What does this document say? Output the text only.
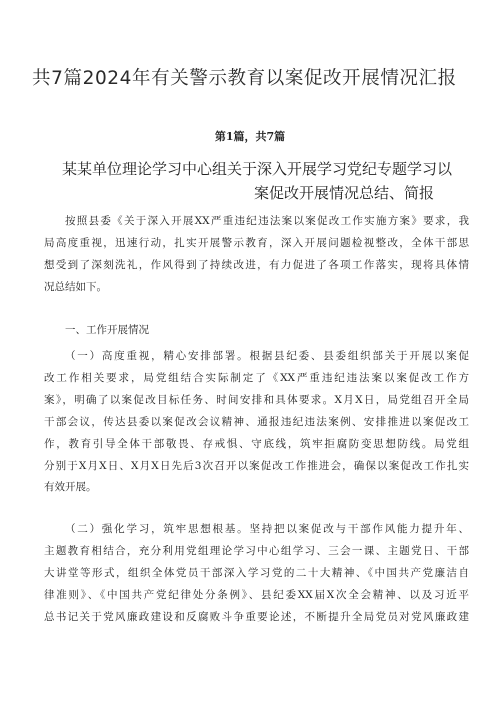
共7篇2024年有关警示教育以案促改开展情况汇报
第1篇，共7篇
某某单位理论学习中心组关于深入开展学习党纪专题学习以
案促改开展情况总结、简报
按照县委《关于深入开展XX严重违纪违法案以案促改工作实施方案》要求，我
局高度重视，迅速行动，扎实开展警示教育，深入开展问题检视整改，全体干部思
想受到了深刻洗礼，作风得到了持续改进，有力促进了各项工作落实，现将具体情
况总结如下。
一、工作开展情况
（一）高度重视，精心安排部署。根据县纪委、县委组织部关于开展以案促
改工作相关要求，局党组结合实际制定了《XX严重违纪违法案以案促改工作方
案》，明确了以案促改目标任务、时间安排和具体要求。X月X日，局党组召开全局
干部会议，传达县委以案促改会议精神、通报违纪违法案例、安排推进以案促改工
作，教育引导全体干部敬畏、存戒惧、守底线，筑牢拒腐防变思想防线。局党组
分别于X月X日、X月X日先后3次召开以案促改工作推进会，确保以案促改工作扎实
有效开展。
（二）强化学习，筑牢思想根基。坚持把以案促改与干部作风能力提升年、
主题教育相结合，充分利用党组理论学习中心组学习、三会一课、主题党日、干部
大讲堂等形式，组织全体党员干部深入学习党的二十大精神、《中国共产党廉洁自
律准则》、《中国共产党纪律处分条例》、县纪委XX届X次全会精神、以及习近平
总书记关于党风廉政建设和反腐败斗争重要论述，不断提升全局党员对党风廉政建
